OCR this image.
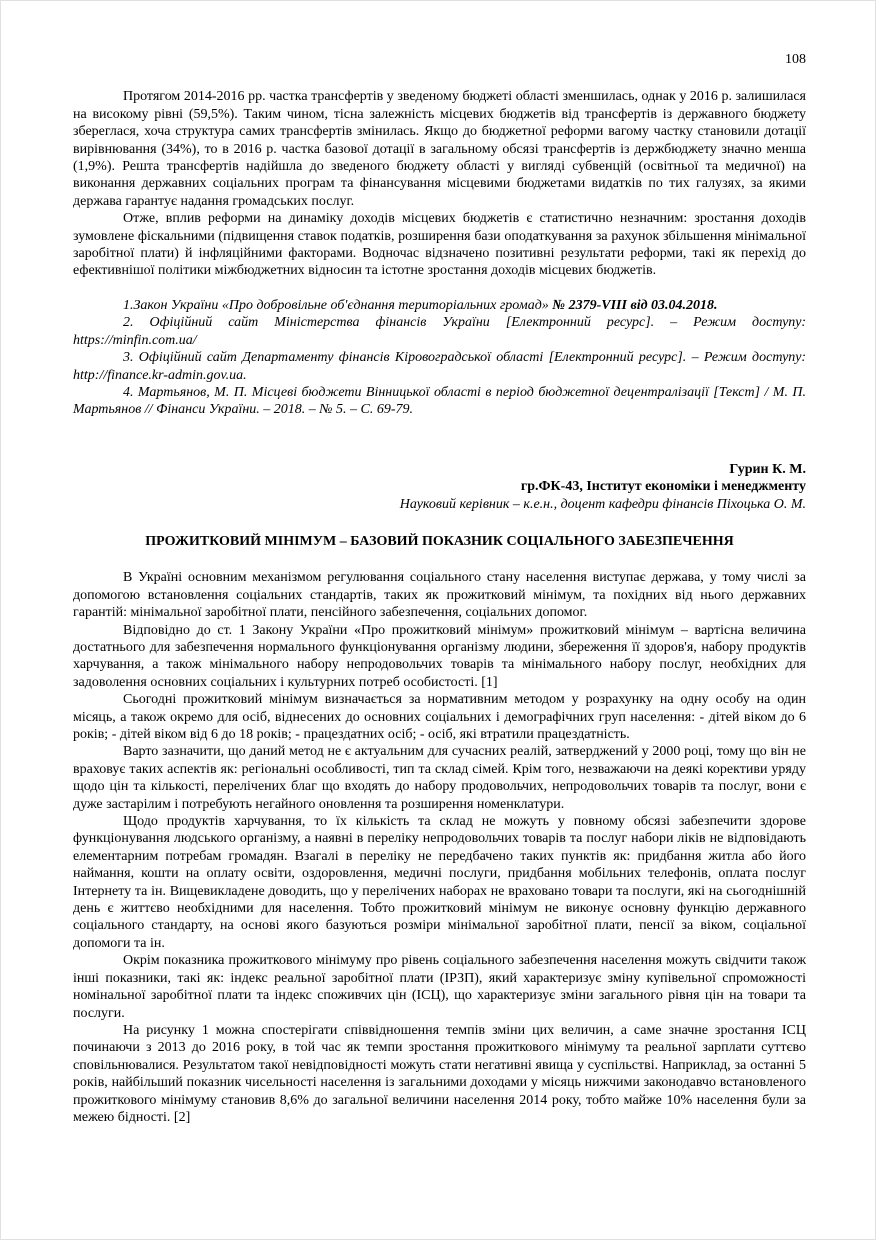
108

Протягом 2014-2016 рр. частка трансфертів у зведеному бюджеті області зменшилась, однак у 2016 р. залишилася на високому рівні (59,5%). Таким чином, тісна залежність місцевих бюджетів від трансфертів із державного бюджету збереглася, хоча структура самих трансфертів змінилась. Якщо до бюджетної реформи вагому частку становили дотації вирівнювання (34%), то в 2016 р. частка базової дотації в загальному обсязі трансфертів із держбюджету значно менша (1,9%). Решта трансфертів надійшла до зведеного бюджету області у вигляді субвенцій (освітньої та медичної) на виконання державних соціальних програм та фінансування місцевими бюджетами видатків по тих галузях, за якими держава гарантує надання громадських послуг.

Отже, вплив реформи на динаміку доходів місцевих бюджетів є статистично незначним: зростання доходів зумовлене фіскальними (підвищення ставок податків, розширення бази оподаткування за рахунок збільшення мінімальної заробітної плати) й інфляційними факторами. Водночас відзначено позитивні результати реформи, такі як перехід до ефективнішої політики міжбюджетних відносин та істотне зростання доходів місцевих бюджетів.

1.Закон України «Про добровільне об'єднання територіальних громад» № 2379-VIII від 03.04.2018.

2. Офіційний сайт Міністерства фінансів України [Електронний ресурс]. – Режим доступу: https://minfin.com.ua/

3. Офіційний сайт Департаменту фінансів Кіровоградської області [Електронний ресурс]. – Режим доступу: http://finance.kr-admin.gov.ua.

4. Мартьянов, М. П. Місцеві бюджети Вінницької області в період бюджетної децентралізації [Текст] / М. П. Мартьянов // Фінанси України. – 2018. – № 5. – С. 69-79.

Гурин К. М.

гр.ФК-43, Інститут економіки і менеджменту

Науковий керівник – к.е.н., доцент кафедри фінансів Піхоцька О. М.

ПРОЖИТКОВИЙ МІНІМУМ – БАЗОВИЙ ПОКАЗНИК СОЦІАЛЬНОГО ЗАБЕЗПЕЧЕННЯ

В Україні основним механізмом регулювання соціального стану населення виступає держава, у тому числі за допомогою встановлення соціальних стандартів, таких як прожитковий мінімум, та похідних від нього державних гарантій: мінімальної заробітної плати, пенсійного забезпечення, соціальних допомог.

Відповідно до ст. 1 Закону України «Про прожитковий мінімум» прожитковий мінімум – вартісна величина достатнього для забезпечення нормального функціонування організму людини, збереження її здоров'я, набору продуктів харчування, а також мінімального набору непродовольчих товарів та мінімального набору послуг, необхідних для задоволення основних соціальних і культурних потреб особистості. [1]

Сьогодні прожитковий мінімум визначається за нормативним методом у розрахунку на одну особу на один місяць, а також окремо для осіб, віднесених до основних соціальних і демографічних груп населення: - дітей віком до 6 років; - дітей віком від 6 до 18 років; - працездатних осіб; - осіб, які втратили працездатність.

Варто зазначити, що даний метод не є актуальним для сучасних реалій, затверджений у 2000 році, тому що він не враховує таких аспектів як: регіональні особливості, тип та склад сімей. Крім того, незважаючи на деякі корективи уряду щодо цін та кількості, перелічених благ що входять до набору продовольчих, непродовольчих товарів та послуг, вони є дуже застарілим і потребують негайного оновлення та розширення номенклатури.

Щодо продуктів харчування, то їх кількість та склад не можуть у повному обсязі забезпечити здорове функціонування людського організму, а наявні в переліку непродовольчих товарів та послуг набори ліків не відповідають елементарним потребам громадян. Взагалі в переліку не передбачено таких пунктів як: придбання житла або його наймання, кошти на оплату освіти, оздоровлення, медичні послуги, придбання мобільних телефонів, оплата послуг Інтернету та ін. Вищевикладене доводить, що у перелічених наборах не враховано товари та послуги, які на сьогоднішній день є життєво необхідними для населення. Тобто прожитковий мінімум не виконує основну функцію державного соціального стандарту, на основі якого базуються розміри мінімальної заробітної плати, пенсії за віком, соціальної допомоги та ін.

Окрім показника прожиткового мінімуму про рівень соціального забезпечення населення можуть свідчити також інші показники, такі як: індекс реальної заробітної плати (ІРЗП), який характеризує зміну купівельної спроможності номінальної заробітної плати та індекс споживчих цін (ІСЦ), що характеризує зміни загального рівня цін на товари та послуги.

На рисунку 1 можна спостерігати співвідношення темпів зміни цих величин, а саме значне зростання ІСЦ починаючи з 2013 до 2016 року, в той час як темпи зростання прожиткового мінімуму та реальної зарплати суттєво сповільнювалися. Результатом такої невідповідності можуть стати негативні явища у суспільстві. Наприклад, за останні 5 років, найбільший показник чисельності населення із загальними доходами у місяць нижчими законодавчо встановленого прожиткового мінімуму становив 8,6% до загальної величини населення 2014 року, тобто майже 10% населення були за межею бідності. [2]
